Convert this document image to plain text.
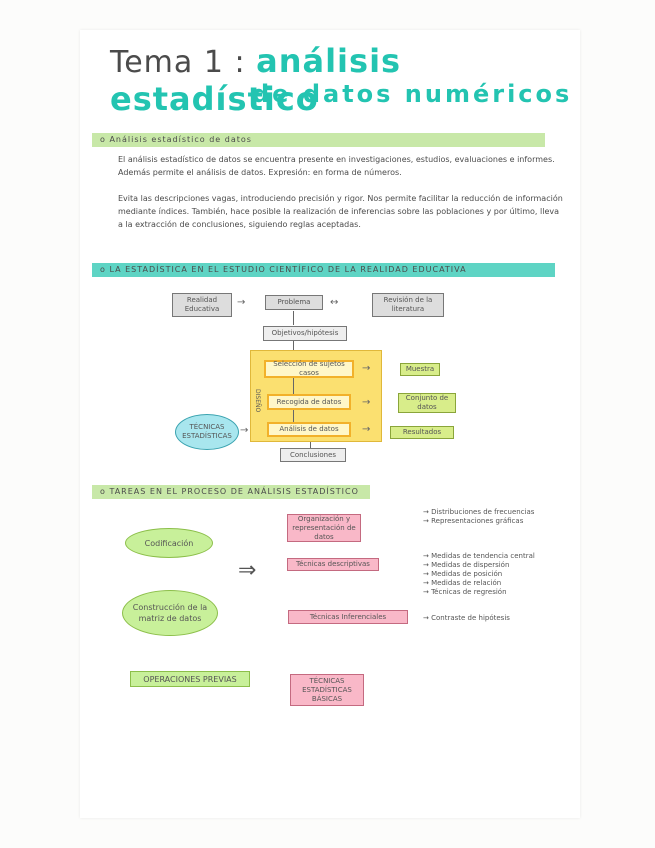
Tema 1 : análisis estadístico
de datos numéricos
o Análisis estadístico de datos

El análisis estadístico de datos se encuentra presente en investigaciones, estudios, evaluaciones e informes. Además permite el análisis de datos. Expresión: en forma de números.

Evita las descripciones vagas, introduciendo precisión y rigor. Nos permite facilitar la reducción de información mediante índices. También, hace posible la realización de inferencias sobre las poblaciones y por último, lleva a la extracción de conclusiones, siguiendo reglas aceptadas.

o LA ESTADÍSTICA EN EL ESTUDIO CIENTÍFICO DE LA REALIDAD EDUCATIVA
Realidad Educativa
→	Problema	↔	Revisión de la literatura
Objetivos/hipótesis
DISEÑO
Selección de sujetos casos	→	Muestra
Recogida de datos	→	Conjunto de datos
Análisis de datos	→	Resultados
TÉCNICAS ESTADÍSTICAS →
Conclusiones
o TAREAS EN EL PROCESO DE ANÁLISIS ESTADÍSTICO
Codificación
Construcción de la matriz de datos
⇒
Organización y representación de datos
→ Distribuciones de frecuencias
→ Representaciones gráficas
Técnicas descriptivas
→ Medidas de tendencia central
→ Medidas de dispersión
→ Medidas de posición
→ Medidas de relación
→ Técnicas de regresión
Técnicas Inferenciales	→ Contraste de hipótesis
OPERACIONES PREVIAS	TÉCNICAS ESTADÍSTICAS BÁSICAS
